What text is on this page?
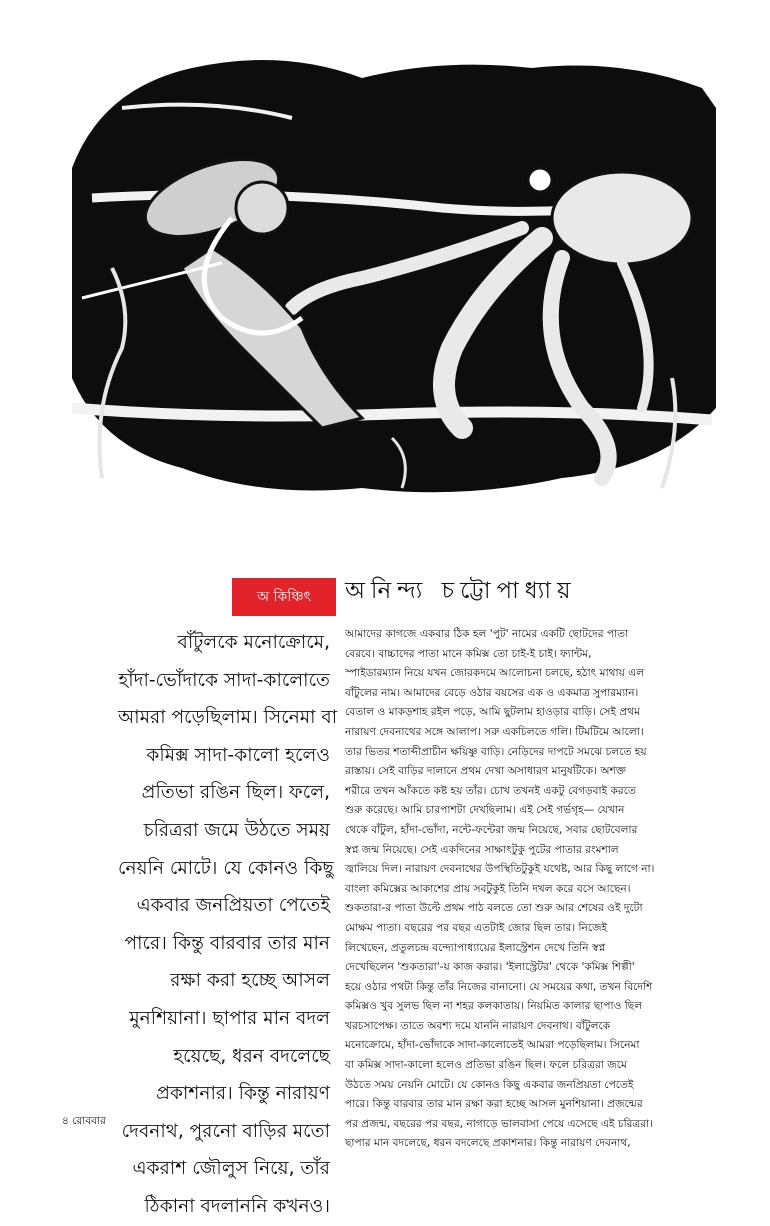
অ কিঞ্চিৎ	অনিন্দ্য চট্টোপাধ্যায়

বাঁটুলকে মনোক্রোমে,
হাঁদা-ভোঁদাকে সাদা-কালোতে
আমরা পড়েছিলাম। সিনেমা বা
কমিক্স সাদা-কালো হলেও
প্রতিভা রঙিন ছিল। ফলে,
চরিত্ররা জমে উঠতে সময়
নেয়নি মোটে। যে কোনও কিছু
একবার জনপ্রিয়তা পেতেই
পারে। কিন্তু বারবার তার মান
রক্ষা করা হচ্ছে আসল
মুনশিয়ানা। ছাপার মান বদল
হয়েছে, ধরন বদলেছে
প্রকাশনার। কিন্তু নারায়ণ
দেবনাথ, পুরনো বাড়ির মতো
একরাশ জৌলুস নিয়ে, তাঁর
ঠিকানা বদলাননি কখনও।

আমাদের কাগজে একবার ঠিক হল 'পুট' নামের একটি ছোটদের পাতা
বেরবে। বাচ্চাদের পাতা মানে কমিক্স তো চাই-ই চাই। ফ্যান্টম,
স্পাইডারম্যান নিয়ে যখন জোরকদমে আলোচনা চলছে, হঠাৎ মাথায় এল
বাঁটুলের নাম। আমাদের বেড়ে ওঠার বয়সের এক ও একমাত্র সুপারম্যান।
বেতাল ও মাকড়শাহ রইল পড়ে, আমি ছুটলাম হাওড়ার বাড়ি। সেই প্রথম
নারায়ণ দেবনাথের সঙ্গে আলাপ। সরু একচিলতে গলি। টিমটিমে আলো।
তার ভিতর শতাব্দীপ্রাচীন ক্ষয়িষ্ণু বাড়ি। নেড়িদের দাপটে সমঝে চলতে হয়
রাস্তায়। সেই বাড়ির দালানে প্রথম দেখা অসাধারণ মানুষটিকে। অশক্ত
শরীরে তখন আঁকতে কষ্ট হয় তাঁর। চোখ তখনই একটু বেগড়বাই করতে
শুরু করেছে। আমি চারপাশটা দেখছিলাম। এই সেই গর্ভগৃহ— যেখান
থেকে বাঁটুল, হাঁদা-ভোঁদা, নন্টে-ফন্টেরা জন্ম নিয়েছে, সবার ছোটবেলার
স্বপ্ন জন্ম নিয়েছে। সেই একদিনের সাক্ষাৎটুকু পুটের পাতার রংমশাল
জ্বালিয়ে দিল। নারায়ণ দেবনাথের উপস্থিতিটুকুই যথেষ্ট, আর কিছু লাগে না।
বাংলা কমিক্সের আকাশের প্রায় সবটুকুই তিনি দখল করে বসে আছেন।
শুকতারা-র পাতা উল্টে প্রথম পাঠ বলতে তো শুরু আর শেষের ওই দুটো
মোক্ষম পাতা। বছরের পর বছর এতটাই জোর ছিল তার। নিজেই
লিখেছেন, প্রতুলচন্দ্র বন্দ্যোপাধ্যায়ের ইলাস্ট্রেশন দেখে তিনি স্বপ্ন
দেখেছিলেন 'শুকতারা'-য় কাজ করার। 'ইলাস্ট্রেটর' থেকে 'কমিক্স শিল্পী'
হয়ে ওঠার পথটা কিন্তু তাঁর নিজের বানানো। যে সময়ের কথা, তখন বিদেশি
কমিক্সও খুব সুলভ ছিল না শহর কলকাতায়। নিয়মিত কালার ছাপাও ছিল
খরচসাপেক্ষ। তাতে অবশ্য দমে যাননি নারায়ণ দেবনাথ। বাঁটুলকে
মনোক্রোমে, হাঁদা-ভোঁদাকে সাদা-কালোতেই আমরা পড়েছিলাম। সিনেমা
বা কমিক্স সাদা-কালো হলেও প্রতিভা রঙিন ছিল। ফলে চরিত্ররা জমে
উঠতে সময় নেয়নি মোটে। যে কোনও কিছু একবার জনপ্রিয়তা পেতেই
পারে। কিন্তু বারবার তার মান রক্ষা করা হচ্ছে আসল মুনশিয়ানা। প্রজন্মের
পর প্রজন্ম, বছরের পর বছর, নাগাড়ে ভালবাসা পেয়ে এসেছে এই চরিত্ররা।
ছাপার মান বদলেছে, ধরন বদলেছে প্রকাশনার। কিন্তু নারায়ণ দেবনাথ,

৪ রোববার
